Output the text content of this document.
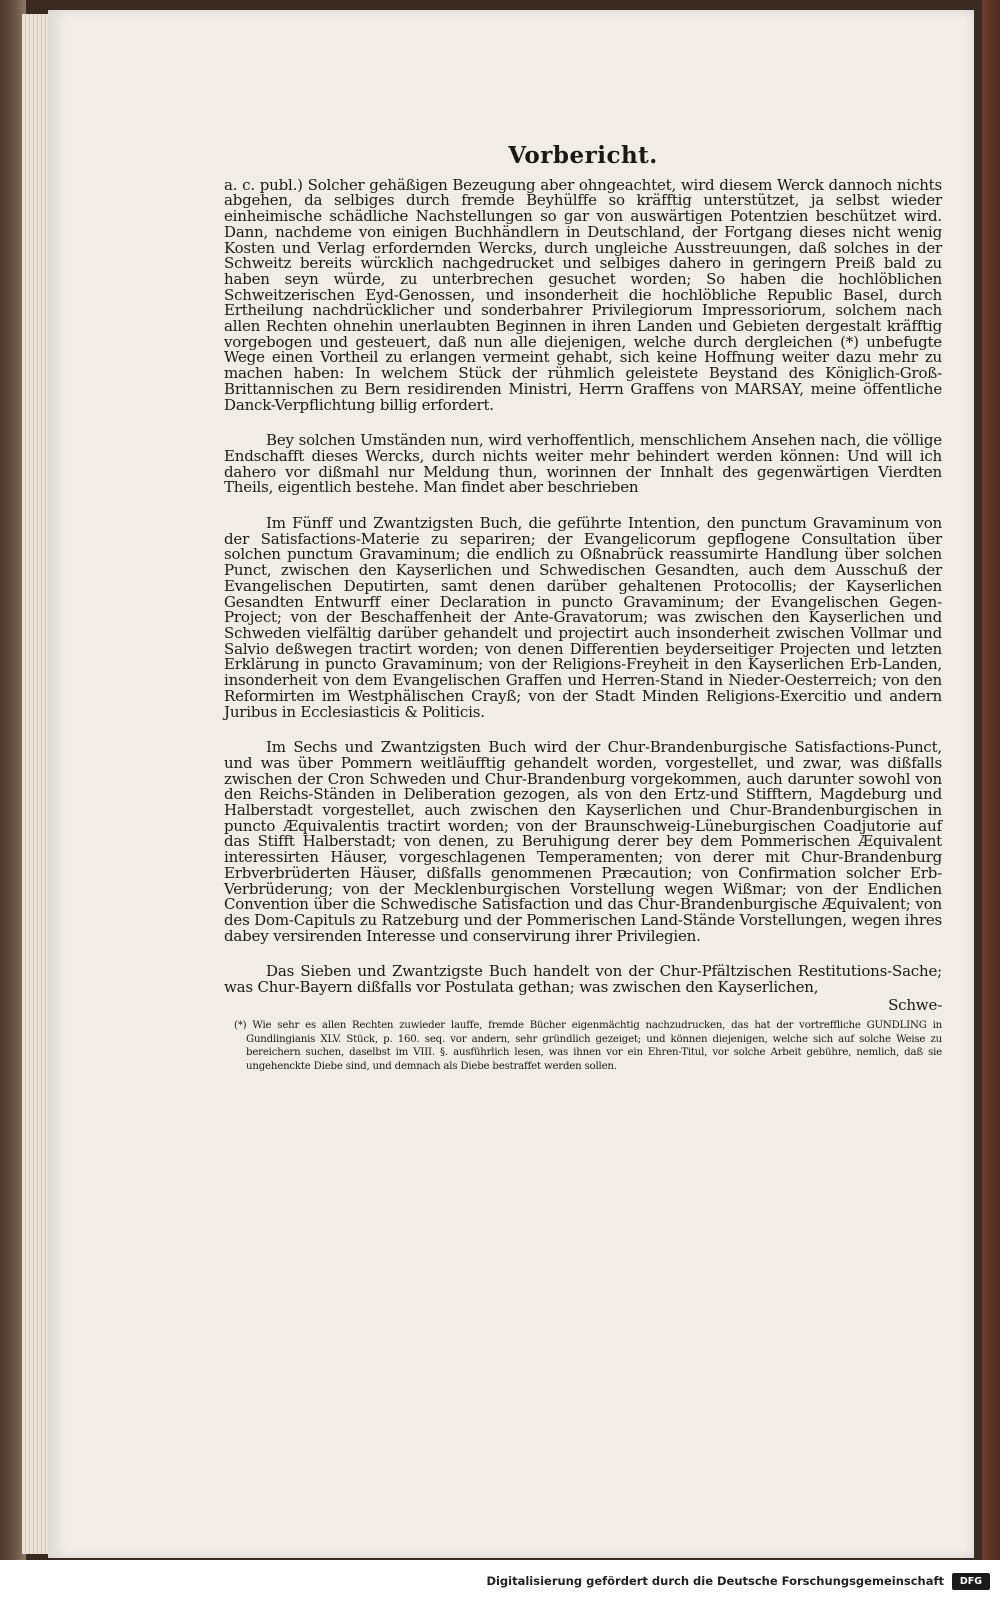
Vorbericht.

a. c. publ.) Solcher gehäßigen Bezeugung aber ohngeachtet, wird diesem Werck dannoch nichts abgehen, da selbiges durch fremde Beyhülffe so kräfftig unterstützet, ja selbst wieder einheimische schädliche Nachstellungen so gar von auswärtigen Potentzien beschützet wird. Dann, nachdeme von einigen Buchhändlern in Deutschland, der Fortgang dieses nicht wenig Kosten und Verlag erfordernden Wercks, durch ungleiche Ausstreuungen, daß solches in der Schweitz bereits würcklich nachgedrucket und selbiges dahero in geringern Preiß bald zu haben seyn würde, zu unterbrechen gesuchet worden; So haben die hochlöblichen Schweitzerischen Eyd-Genossen, und insonderheit die hochlöbliche Republic Basel, durch Ertheilung nachdrücklicher und sonderbahrer Privilegiorum Impressoriorum, solchem nach allen Rechten ohnehin unerlaubten Beginnen in ihren Landen und Gebieten dergestalt kräfftig vorgebogen und gesteuert, daß nun alle diejenigen, welche durch dergleichen (*) unbefugte Wege einen Vortheil zu erlangen vermeint gehabt, sich keine Hoffnung weiter dazu mehr zu machen haben: In welchem Stück der rühmlich geleistete Beystand des Königlich-Groß-Brittannischen zu Bern residirenden Ministri, Herrn Graffens von MARSAY, meine öffentliche Danck-Verpflichtung billig erfordert.

Bey solchen Umständen nun, wird verhoffentlich, menschlichem Ansehen nach, die völlige Endschafft dieses Wercks, durch nichts weiter mehr behindert werden können: Und will ich dahero vor dißmahl nur Meldung thun, worinnen der Innhalt des gegenwärtigen Vierdten Theils, eigentlich bestehe. Man findet aber beschrieben

Im Fünff und Zwantzigsten Buch, die geführte Intention, den punctum Gravaminum von der Satisfactions-Materie zu separiren; der Evangelicorum gepflogene Consultation über solchen punctum Gravaminum; die endlich zu Oßnabrück reassumirte Handlung über solchen Punct, zwischen den Kayserlichen und Schwedischen Gesandten, auch dem Ausschuß der Evangelischen Deputirten, samt denen darüber gehaltenen Protocollis; der Kayserlichen Gesandten Entwurff einer Declaration in puncto Gravaminum; der Evangelischen Gegen-Project; von der Beschaffenheit der Ante-Gravatorum; was zwischen den Kayserlichen und Schweden vielfältig darüber gehandelt und projectirt auch insonderheit zwischen Vollmar und Salvio deßwegen tractirt worden; von denen Differentien beyderseitiger Projecten und letzten Erklärung in puncto Gravaminum; von der Religions-Freyheit in den Kayserlichen Erb-Landen, insonderheit von dem Evangelischen Graffen und Herren-Stand in Nieder-Oesterreich; von den Reformirten im Westphälischen Crayß; von der Stadt Minden Religions-Exercitio und andern Juribus in Ecclesiasticis & Politicis.

Im Sechs und Zwantzigsten Buch wird der Chur-Brandenburgische Satisfactions-Punct, und was über Pommern weitläufftig gehandelt worden, vorgestellet, und zwar, was dißfalls zwischen der Cron Schweden und Chur-Brandenburg vorgekommen, auch darunter sowohl von den Reichs-Ständen in Deliberation gezogen, als von den Ertz-und Stifftern, Magdeburg und Halberstadt vorgestellet, auch zwischen den Kayserlichen und Chur-Brandenburgischen in puncto Æquivalentis tractirt worden; von der Braunschweig-Lüneburgischen Coadjutorie auf das Stifft Halberstadt; von denen, zu Beruhigung derer bey dem Pommerischen Æquivalent interessirten Häuser, vorgeschlagenen Temperamenten; von derer mit Chur-Brandenburg Erbverbrüderten Häuser, dißfalls genommenen Præcaution; von Confirmation solcher Erb-Verbrüderung; von der Mecklenburgischen Vorstellung wegen Wißmar; von der Endlichen Convention über die Schwedische Satisfaction und das Chur-Brandenburgische Æquivalent; von des Dom-Capituls zu Ratzeburg und der Pommerischen Land-Stände Vorstellungen, wegen ihres dabey versirenden Interesse und conservirung ihrer Privilegien.

Das Sieben und Zwantzigste Buch handelt von der Chur-Pfältzischen Restitutions-Sache; was Chur-Bayern dißfalls vor Postulata gethan; was zwischen den Kayserlichen,

Schwe-
(*) Wie sehr es allen Rechten zuwieder lauffe, fremde Bücher eigenmächtig nachzudrucken, das hat der vortreffliche GUNDLING in Gundlingianis XLV. Stück, p. 160. seq. vor andern, sehr gründlich gezeiget; und können diejenigen, welche sich auf solche Weise zu bereichern suchen, daselbst im VIII. §. ausführlich lesen, was ihnen vor ein Ehren-Titul, vor solche Arbeit gebühre, nemlich, daß sie ungehenckte Diebe sind, und demnach als Diebe bestraffet werden sollen.
Digitalisierung gefördert durch die Deutsche Forschungsgemeinschaft	DFG
